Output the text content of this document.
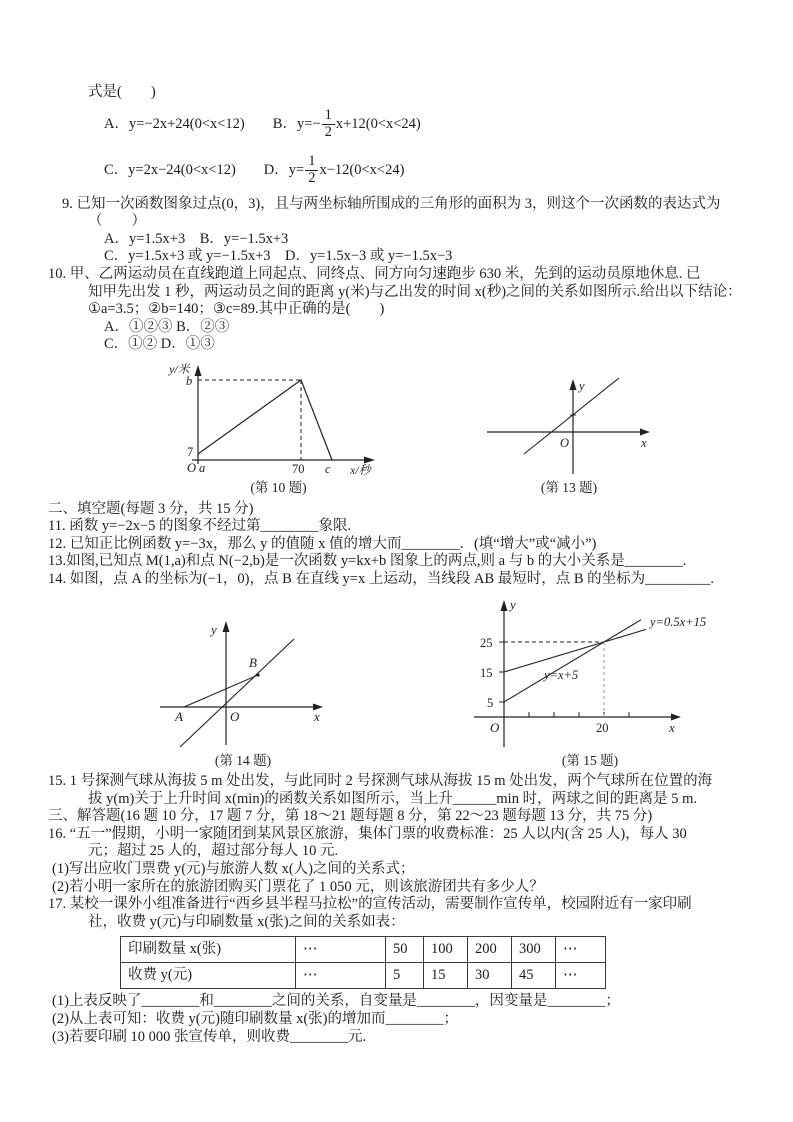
式是(　　)
A．y=−2x+24(0<x<12) B．$y=- \frac{1}{2} x+12(0<x<24)$
C．y=2x−24(0<x<12) D．$y= \frac{1}{2} x-12(0<x<24)$
9. 已知一次函数图象过点(0，3)，且与两坐标轴所围成的三角形的面积为 3，则这个一次函数的表达式为
（　　）
A．y=1.5x+3　B．y=−1.5x+3
C．y=1.5x+3 或 y=−1.5x+3　D．y=1.5x−3 或 y=−1.5x−3
10. 甲、乙两运动员在直线跑道上同起点、同终点、同方向匀速跑步 630 米，先到的运动员原地休息. 已
知甲先出发 1 秒，两运动员之间的距离 y(米)与乙出发的时间 x(秒)之间的关系如图所示.给出以下结论：
①a=3.5；②b=140；③c=89.其中正确的是(　　)
A．①②③ B．②③
C．①② D．①③
y/米
x/秒
b
7
O a	70 c
(第 10 题)
y
x
O
(第 13 题)
二、填空题(每题 3 分，共 15 分)
11. 函数 y=−2x−5 的图象不经过第________象限.
12. 已知正比例函数 y=−3x，那么 y 的值随 x 值的增大而________．(填“增大”或“减小”)
13.如图,已知点 M(1,a)和点 N(−2,b)是一次函数 y=kx+b 图象上的两点,则 a 与 b 的大小关系是________.
14. 如图，点 A 的坐标为(−1，0)，点 B 在直线 y=x 上运动，当线段 AB 最短时，点 B 的坐标为_________.
y
x
O
A
B
(第 14 题)
y
x
O
25
15
5
20
y=x+5
y=0.5x+15
(第 15 题)
15. 1 号探测气球从海拔 5 m 处出发，与此同时 2 号探测气球从海拔 15 m 处出发，两个气球所在位置的海
拔 y(m)关于上升时间 x(min)的函数关系如图所示，当上升______min 时，两球之间的距离是 5 m.
三、解答题(16 题 10 分，17 题 7 分，第 18～21 题每题 8 分，第 22～23 题每题 13 分，共 75 分)
16. “五一”假期，小明一家随团到某风景区旅游，集体门票的收费标准：25 人以内(含 25 人)，每人 30
元；超过 25 人的，超过部分每人 10 元.
(1)写出应收门票费 y(元)与旅游人数 x(人)之间的关系式；
(2)若小明一家所在的旅游团购买门票花了 1 050 元，则该旅游团共有多少人？
17. 某校一课外小组准备进行“西乡县半程马拉松”的宣传活动，需要制作宣传单，校园附近有一家印刷
社，收费 y(元)与印刷数量 x(张)之间的关系如表：
印刷数量 x(张)	⋯	50	100	200	300	⋯
收费 y(元)	⋯	5	15	30	45	⋯
(1)上表反映了________和________之间的关系，自变量是________，因变量是________；
(2)从上表可知：收费 y(元)随印刷数量 x(张)的增加而________；
(3)若要印刷 10 000 张宣传单，则收费________元.
